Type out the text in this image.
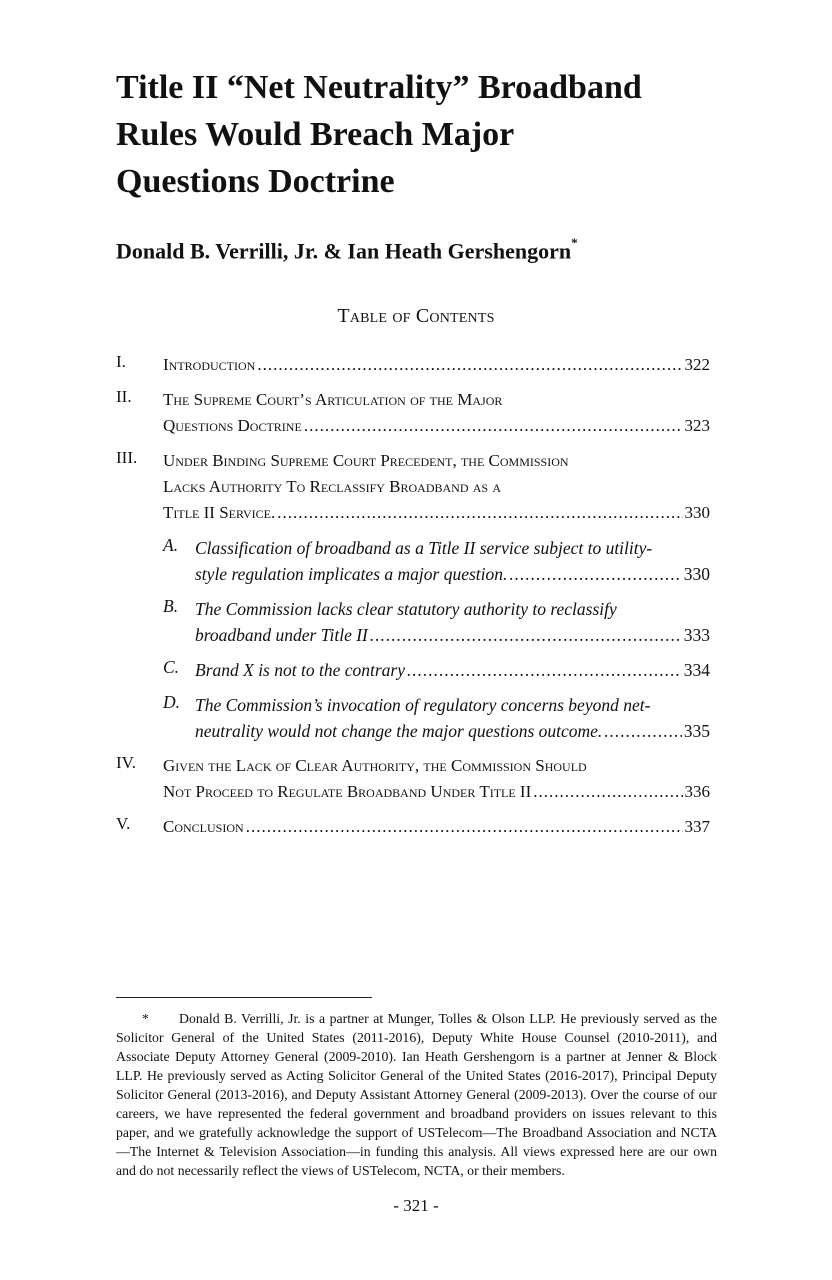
Title II “Net Neutrality” Broadband
Rules Would Breach Major
Questions Doctrine
Donald B. Verrilli, Jr. & Ian Heath Gershengorn*
Table of Contents
I. Introduction .....	322
II. The Supreme Court’s Articulation of the Major
Questions Doctrine .....	323
III. Under Binding Supreme Court Precedent, the Commission
Lacks Authority To Reclassify Broadband as a
Title II Service. .....	330
A. Classification of broadband as a Title II service subject to utility-
style regulation implicates a major question. .....	330
B. The Commission lacks clear statutory authority to reclassify
broadband under Title II .....	333
C. Brand X is not to the contrary .....	334
D. The Commission’s invocation of regulatory concerns beyond net-
neutrality would not change the major questions outcome. .....	335
IV. Given the Lack of Clear Authority, the Commission Should
Not Proceed to Regulate Broadband Under Title II .....	336
V. Conclusion .....	337
* Donald B. Verrilli, Jr. is a partner at Munger, Tolles & Olson LLP. He previously served as the Solicitor General of the United States (2011-2016), Deputy White House Counsel (2010-2011), and Associate Deputy Attorney General (2009-2010). Ian Heath Gershengorn is a partner at Jenner & Block LLP. He previously served as Acting Solicitor General of the United States (2016-2017), Principal Deputy Solicitor General (2013-2016), and Deputy Assistant Attorney General (2009-2013). Over the course of our careers, we have represented the federal government and broadband providers on issues relevant to this paper, and we gratefully acknowledge the support of USTelecom—The Broadband Association and NCTA—The Internet & Television Association—in funding this analysis. All views expressed here are our own and do not necessarily reflect the views of USTelecom, NCTA, or their members.
- 321 -
